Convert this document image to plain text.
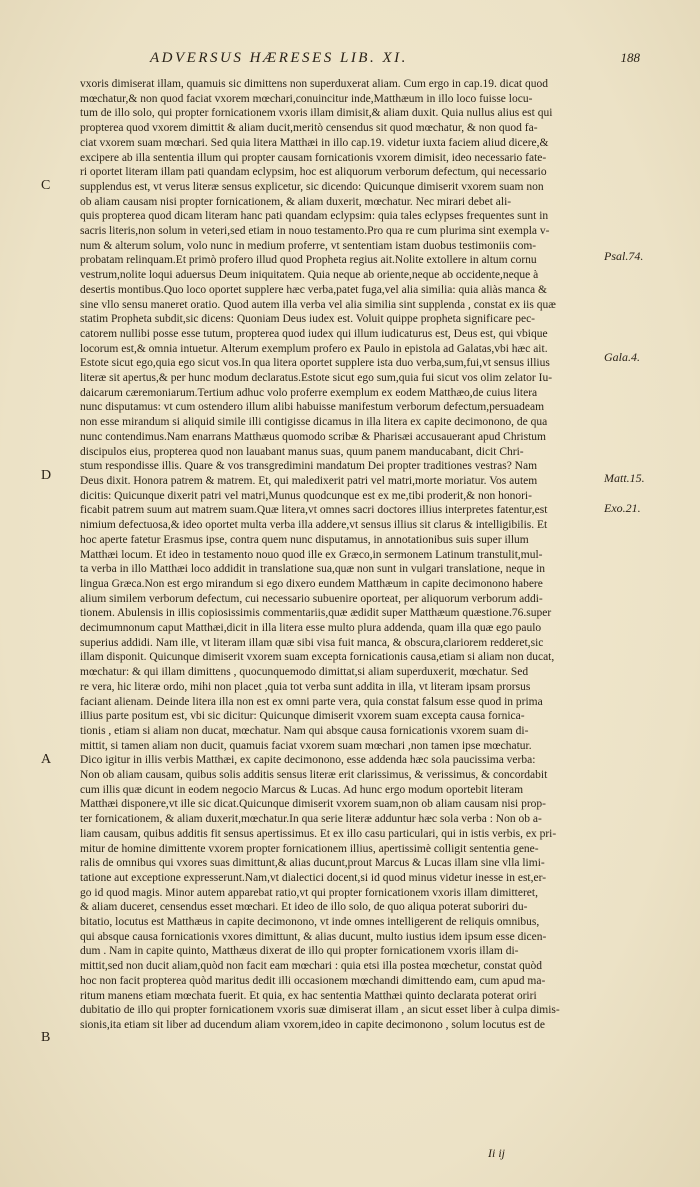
ADVERSUS HÆRESES LIB. XI.	188
C
D
A
B
Psal.74.
Gala.4.
Matt.15.
Exo.21.
vxoris dimiserat illam, quamuis sic dimittens non superduxerat aliam. Cum ergo in cap.19. dicat quod
mœchatur,& non quod faciat vxorem mœchari,conuincitur inde,Matthæum in illo loco fuisse locu-
tum de illo solo, qui propter fornicationem vxoris illam dimisit,& aliam duxit. Quia nullus alius est qui
propterea quod vxorem dimittit & aliam ducit,meritò censendus sit quod mœchatur, & non quod fa-
ciat vxorem suam mœchari. Sed quia litera Matthæi in illo cap.19. videtur iuxta faciem aliud dicere,&
excipere ab illa sententia illum qui propter causam fornicationis vxorem dimisit, ideo necessario fate-
ri oportet literam illam pati quandam eclypsim, hoc est aliquorum verborum defectum, qui necessario
supplendus est, vt verus literæ sensus explicetur, sic dicendo: Quicunque dimiserit vxorem suam non
ob aliam causam nisi propter fornicationem, & aliam duxerit, mœchatur. Nec mirari debet ali-
quis propterea quod dicam literam hanc pati quandam eclypsim: quia tales eclypses frequentes sunt in
sacris literis,non solum in veteri,sed etiam in nouo testamento.Pro qua re cum plurima sint exempla v-
num & alterum solum, volo nunc in medium proferre, vt sententiam istam duobus testimoniis com-
probatam relinquam.Et primò profero illud quod Propheta regius ait.Nolite extollere in altum cornu
vestrum,nolite loqui aduersus Deum iniquitatem. Quia neque ab oriente,neque ab occidente,neque à
desertis montibus.Quo loco oportet supplere hæc verba,patet fuga,vel alia similia: quia aliàs manca &
sine vllo sensu maneret oratio. Quod autem illa verba vel alia similia sint supplenda , constat ex iis quæ
statim Propheta subdit,sic dicens: Quoniam Deus iudex est. Voluit quippe propheta significare pec-
catorem nullibi posse esse tutum, propterea quod iudex qui illum iudicaturus est, Deus est, qui vbique
locorum est,& omnia intuetur. Alterum exemplum profero ex Paulo in epistola ad Galatas,vbi hæc ait.
Estote sicut ego,quia ego sicut vos.In qua litera oportet supplere ista duo verba,sum,fui,vt sensus illius
literæ sit apertus,& per hunc modum declaratus.Estote sicut ego sum,quia fui sicut vos olim zelator Iu-
daicarum cæremoniarum.Tertium adhuc volo proferre exemplum ex eodem Matthæo,de cuius litera
nunc disputamus: vt cum ostendero illum alibi habuisse manifestum verborum defectum,persuadeam
non esse mirandum si aliquid simile illi contigisse dicamus in illa litera ex capite decimonono, de qua
nunc contendimus.Nam enarrans Matthæus quomodo scribæ & Pharisæi accusauerant apud Christum
discipulos eius, propterea quod non lauabant manus suas, quum panem manducabant, dicit Chri-
stum respondisse illis. Quare & vos transgredimini mandatum Dei propter traditiones vestras? Nam
Deus dixit. Honora patrem & matrem. Et, qui maledixerit patri vel matri,morte moriatur. Vos autem
dicitis: Quicunque dixerit patri vel matri,Munus quodcunque est ex me,tibi proderit,& non honori-
ficabit patrem suum aut matrem suam.Quæ litera,vt omnes sacri doctores illius interpretes fatentur,est
nimium defectuosa,& ideo oportet multa verba illa addere,vt sensus illius sit clarus & intelligibilis. Et
hoc aperte fatetur Erasmus ipse, contra quem nunc disputamus, in annotationibus suis super illum
Matthæi locum. Et ideo in testamento nouo quod ille ex Græco,in sermonem Latinum transtulit,mul-
ta verba in illo Matthæi loco addidit in translatione sua,quæ non sunt in vulgari translatione, neque in
lingua Græca.Non est ergo mirandum si ego dixero eundem Matthæum in capite decimonono habere
alium similem verborum defectum, cui necessario subuenire oporteat, per aliquorum verborum addi-
tionem. Abulensis in illis copiosissimis commentariis,quæ ædidit super Matthæum quæstione.76.super
decimumnonum caput Matthæi,dicit in illa litera esse multo plura addenda, quam illa quæ ego paulo
superius addidi. Nam ille, vt literam illam quæ sibi visa fuit manca, & obscura,clariorem redderet,sic
illam disponit. Quicunque dimiserit vxorem suam excepta fornicationis causa,etiam si aliam non ducat,
mœchatur: & qui illam dimittens , quocunquemodo dimittat,si aliam superduxerit, mœchatur. Sed
re vera, hic literæ ordo, mihi non placet ,quia tot verba sunt addita in illa, vt literam ipsam prorsus
faciant alienam. Deinde litera illa non est ex omni parte vera, quia constat falsum esse quod in prima
illius parte positum est, vbi sic dicitur: Quicunque dimiserit vxorem suam excepta causa fornica-
tionis , etiam si aliam non ducat, mœchatur. Nam qui absque causa fornicationis vxorem suam di-
mittit, si tamen aliam non ducit, quamuis faciat vxorem suam mœchari ,non tamen ipse mœchatur.
Dico igitur in illis verbis Matthæi, ex capite decimonono, esse addenda hæc sola paucissima verba:
Non ob aliam causam, quibus solis additis sensus literæ erit clarissimus, & verissimus, & concordabit
cum illis quæ dicunt in eodem negocio Marcus & Lucas. Ad hunc ergo modum oportebit literam
Matthæi disponere,vt ille sic dicat.Quicunque dimiserit vxorem suam,non ob aliam causam nisi prop-
ter fornicationem, & aliam duxerit,mœchatur.In qua serie literæ adduntur hæc sola verba : Non ob a-
liam causam, quibus additis fit sensus apertissimus. Et ex illo casu particulari, qui in istis verbis, ex pri-
mitur de homine dimittente vxorem propter fornicationem illius, apertissimè colligit sententia gene-
ralis de omnibus qui vxores suas dimittunt,& alias ducunt,prout Marcus & Lucas illam sine vlla limi-
tatione aut exceptione expresserunt.Nam,vt dialectici docent,si id quod minus videtur inesse in est,er-
go id quod magis. Minor autem apparebat ratio,vt qui propter fornicationem vxoris illam dimitteret,
& aliam duceret, censendus esset mœchari. Et ideo de illo solo, de quo aliqua poterat suboriri du-
bitatio, locutus est Matthæus in capite decimonono, vt inde omnes intelligerent de reliquis omnibus,
qui absque causa fornicationis vxores dimittunt, & alias ducunt, multo iustius idem ipsum esse dicen-
dum . Nam in capite quinto, Matthæus dixerat de illo qui propter fornicationem vxoris illam di-
mittit,sed non ducit aliam,quòd non facit eam mœchari : quia etsi illa postea mœchetur, constat quòd
hoc non facit propterea quòd maritus dedit illi occasionem mœchandi dimittendo eam, cum apud ma-
ritum manens etiam mœchata fuerit. Et quia, ex hac sententia Matthæi quinto declarata poterat oriri
dubitatio de illo qui propter fornicationem vxoris suæ dimiserat illam , an sicut esset liber à culpa dimis-
sionis,ita etiam sit liber ad ducendum aliam vxorem,ideo in capite decimonono , solum locutus est de
Ii ij
